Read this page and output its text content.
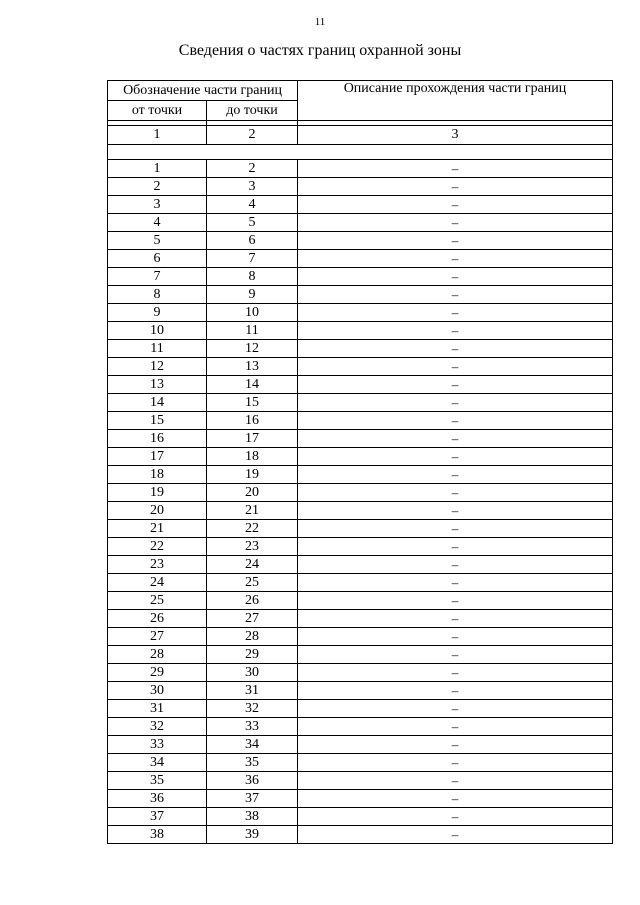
11
Сведения о частях границ охранной зоны
Обозначение части границ		Описание прохождения части границ
от точки	до точки	

1	2	3

1	2	–
2	3	–
3	4	–
4	5	–
5	6	–
6	7	–
7	8	–
8	9	–
9	10	–
10	11	–
11	12	–
12	13	–
13	14	–
14	15	–
15	16	–
16	17	–
17	18	–
18	19	–
19	20	–
20	21	–
21	22	–
22	23	–
23	24	–
24	25	–
25	26	–
26	27	–
27	28	–
28	29	–
29	30	–
30	31	–
31	32	–
32	33	–
33	34	–
34	35	–
35	36	–
36	37	–
37	38	–
38	39	–
